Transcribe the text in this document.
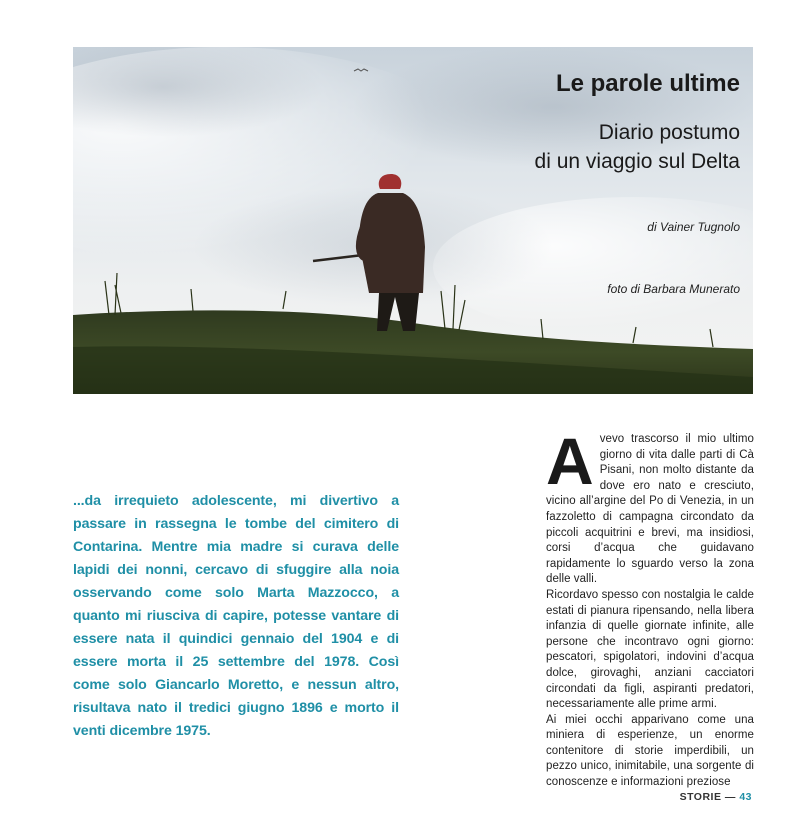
Le parole ultime
Diario postumo
di un viaggio sul Delta

di Vainer Tugnolo

foto di Barbara Munerato

...da irrequieto adolescente, mi divertivo a passare in rassegna le tombe del cimitero di Contarina. Mentre mia madre si curava delle lapidi dei nonni, cercavo di sfuggire alla noia osservando come solo Marta Mazzocco, a quanto mi riusciva di capire, potesse vantare di essere nata il quindici gennaio del 1904 e di essere morta il 25 settembre del 1978. Così come solo Giancarlo Moretto, e nessun altro, risultava nato il tredici giugno 1896 e morto il venti dicembre 1975.

Avevo trascorso il mio ultimo giorno di vita dalle parti di Cà Pisani, non molto distante da dove ero nato e cresciuto, vicino all’argine del Po di Venezia, in un fazzoletto di campagna circondato da piccoli acquitrini e brevi, ma insidiosi, corsi d’acqua che guidavano rapidamente lo sguardo verso la zona delle valli.

Ricordavo spesso con nostalgia le calde estati di pianura ripensando, nella libera infanzia di quelle giornate infinite, alle persone che incontravo ogni giorno: pescatori, spigolatori, indovini d’acqua dolce, girovaghi, anziani cacciatori circondati da figli, aspiranti predatori, necessariamente alle prime armi.

Ai miei occhi apparivano come una miniera di esperienze, un enorme contenitore di storie imperdibili, un pezzo unico, inimitabile, una sorgente di conoscenze e informazioni preziose

STORIE — 43
